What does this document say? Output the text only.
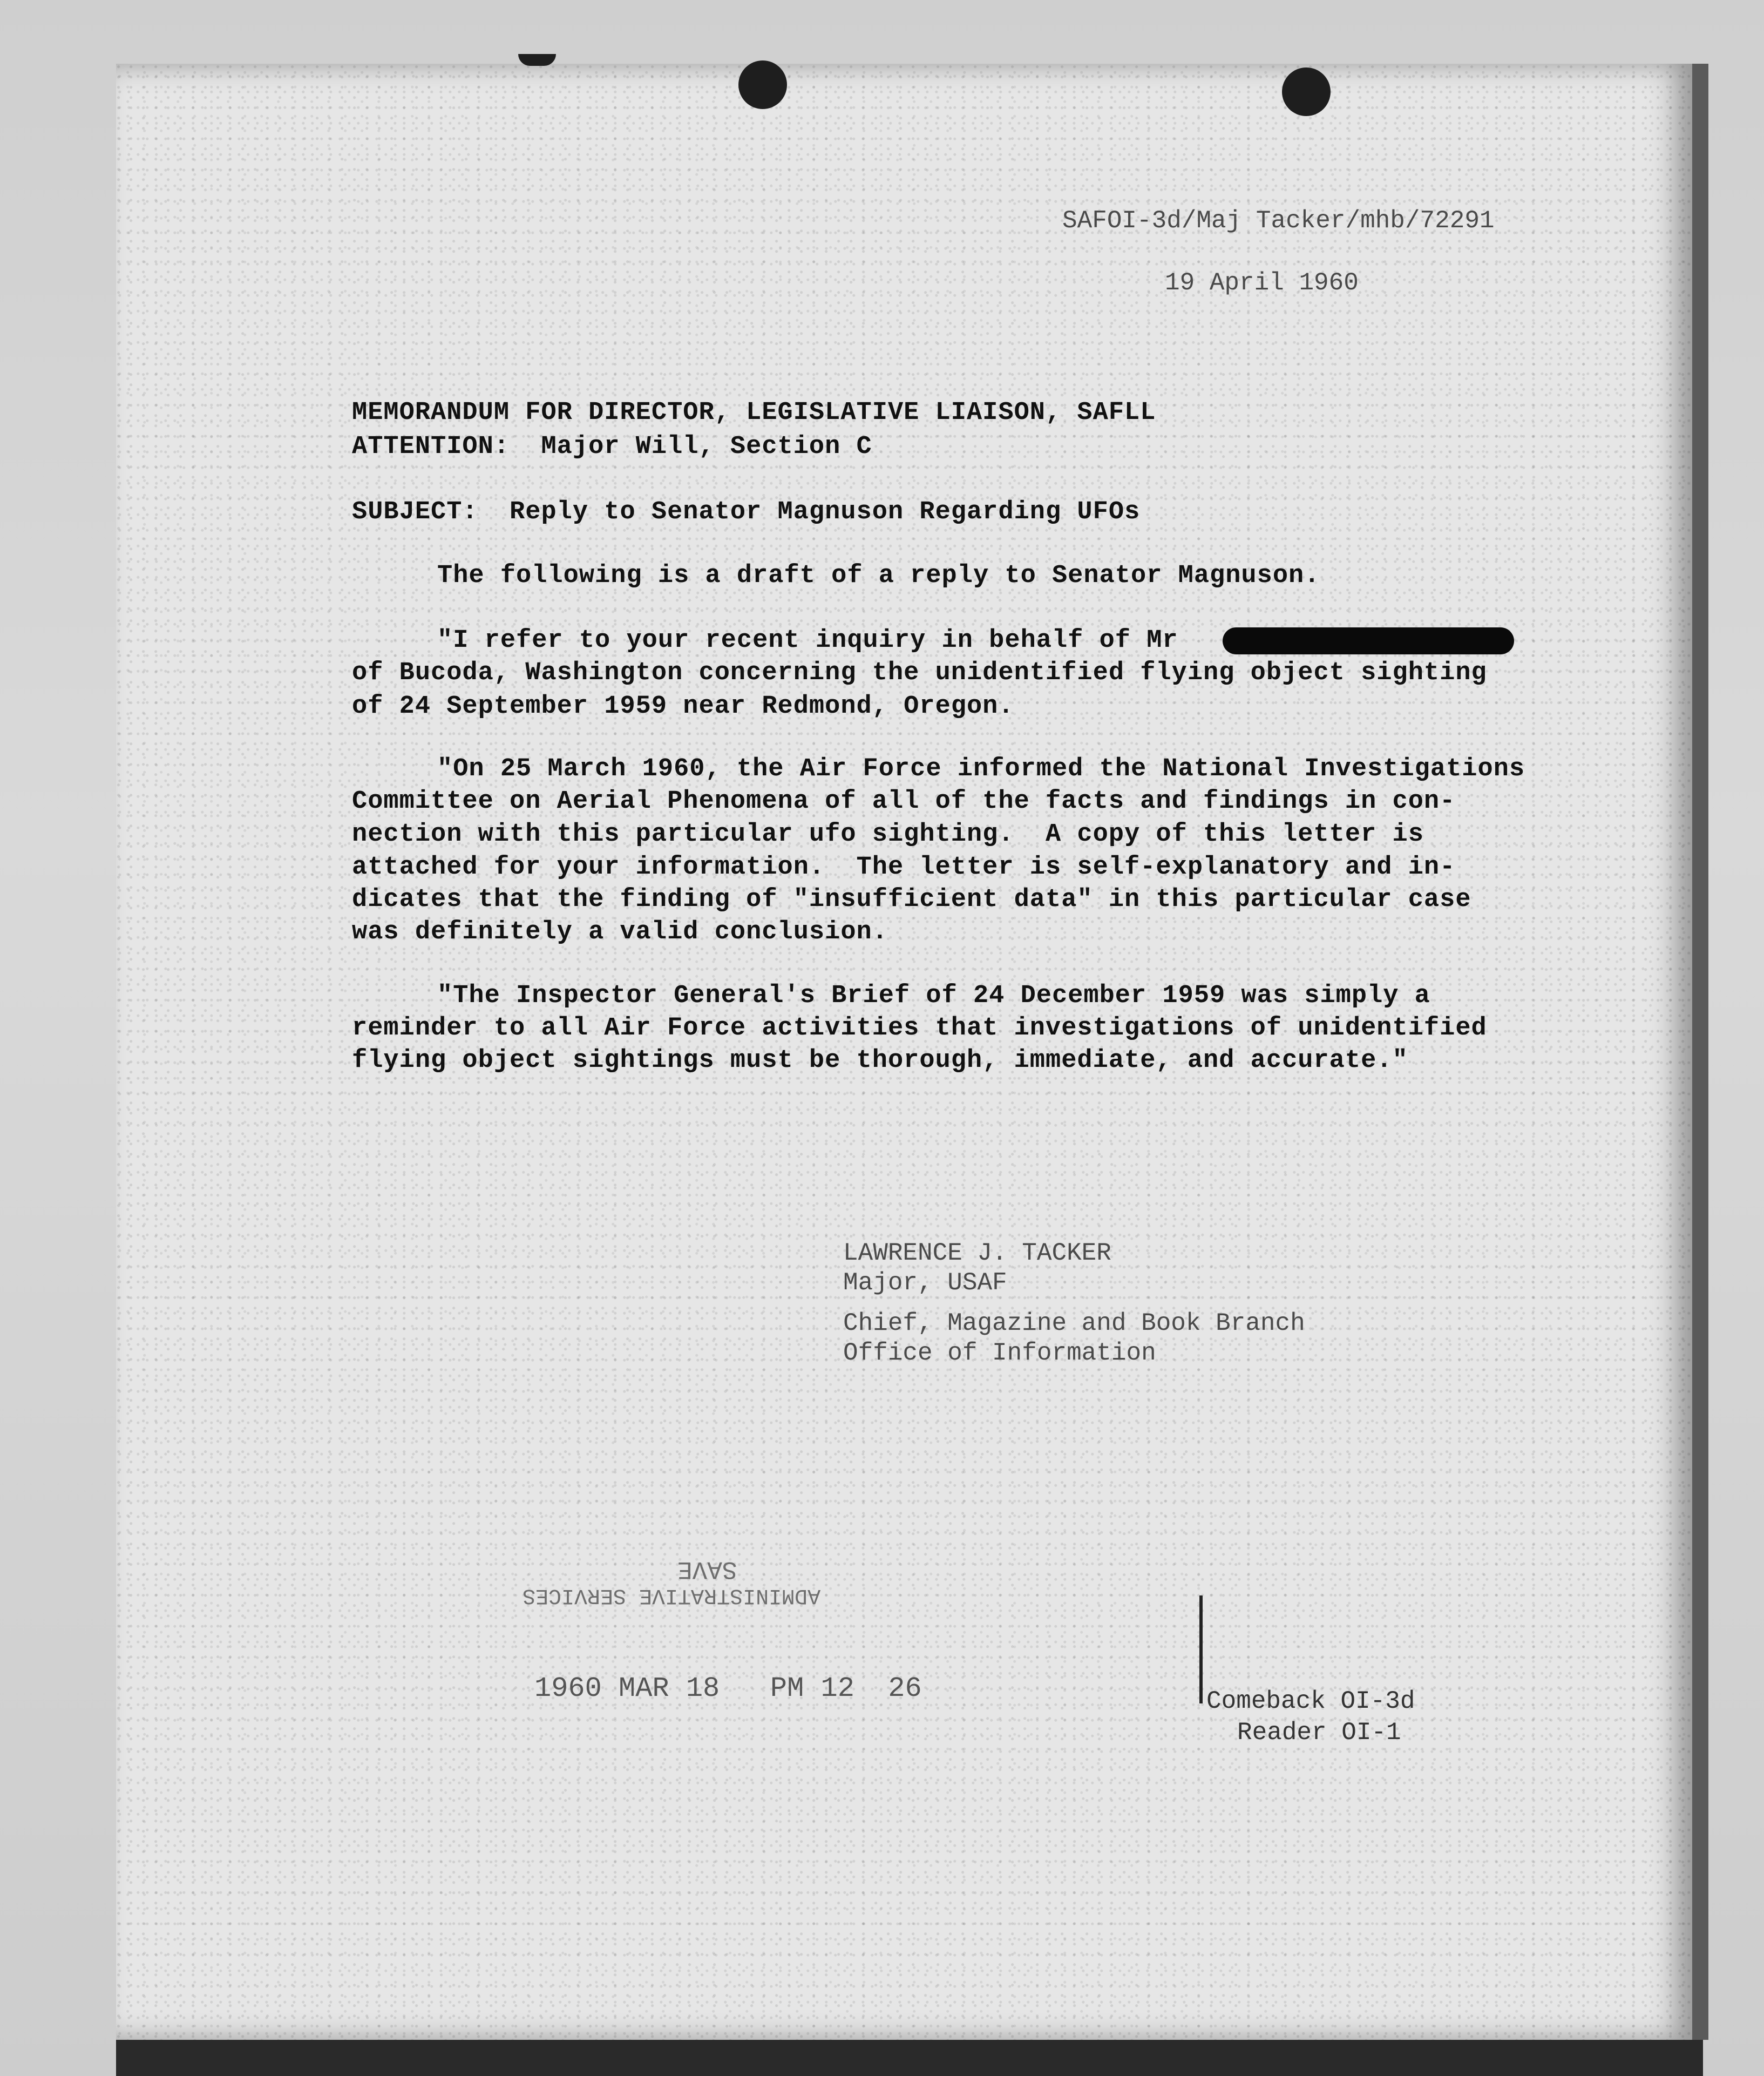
SAFOI-3d/Maj Tacker/mhb/72291
19 April 1960
MEMORANDUM FOR DIRECTOR, LEGISLATIVE LIAISON, SAFLL
ATTENTION:  Major Will, Section C
SUBJECT:  Reply to Senator Magnuson Regarding UFOs
The following is a draft of a reply to Senator Magnuson.
"I refer to your recent inquiry in behalf of Mr
of Bucoda, Washington concerning the unidentified flying object sighting
of 24 September 1959 near Redmond, Oregon.
"On 25 March 1960, the Air Force informed the National Investigations
Committee on Aerial Phenomena of all of the facts and findings in con-
nection with this particular ufo sighting.  A copy of this letter is
attached for your information.  The letter is self-explanatory and in-
dicates that the finding of "insufficient data" in this particular case
was definitely a valid conclusion.
"The Inspector General's Brief of 24 December 1959 was simply a
reminder to all Air Force activities that investigations of unidentified
flying object sightings must be thorough, immediate, and accurate."
LAWRENCE J. TACKER
Major, USAF
Chief, Magazine and Book Branch
Office of Information
SAVE
ADMINISTRATIVE SERVICES
1960 MAR 18   PM 12  26	Comeback OI-3d
Reader OI-1
